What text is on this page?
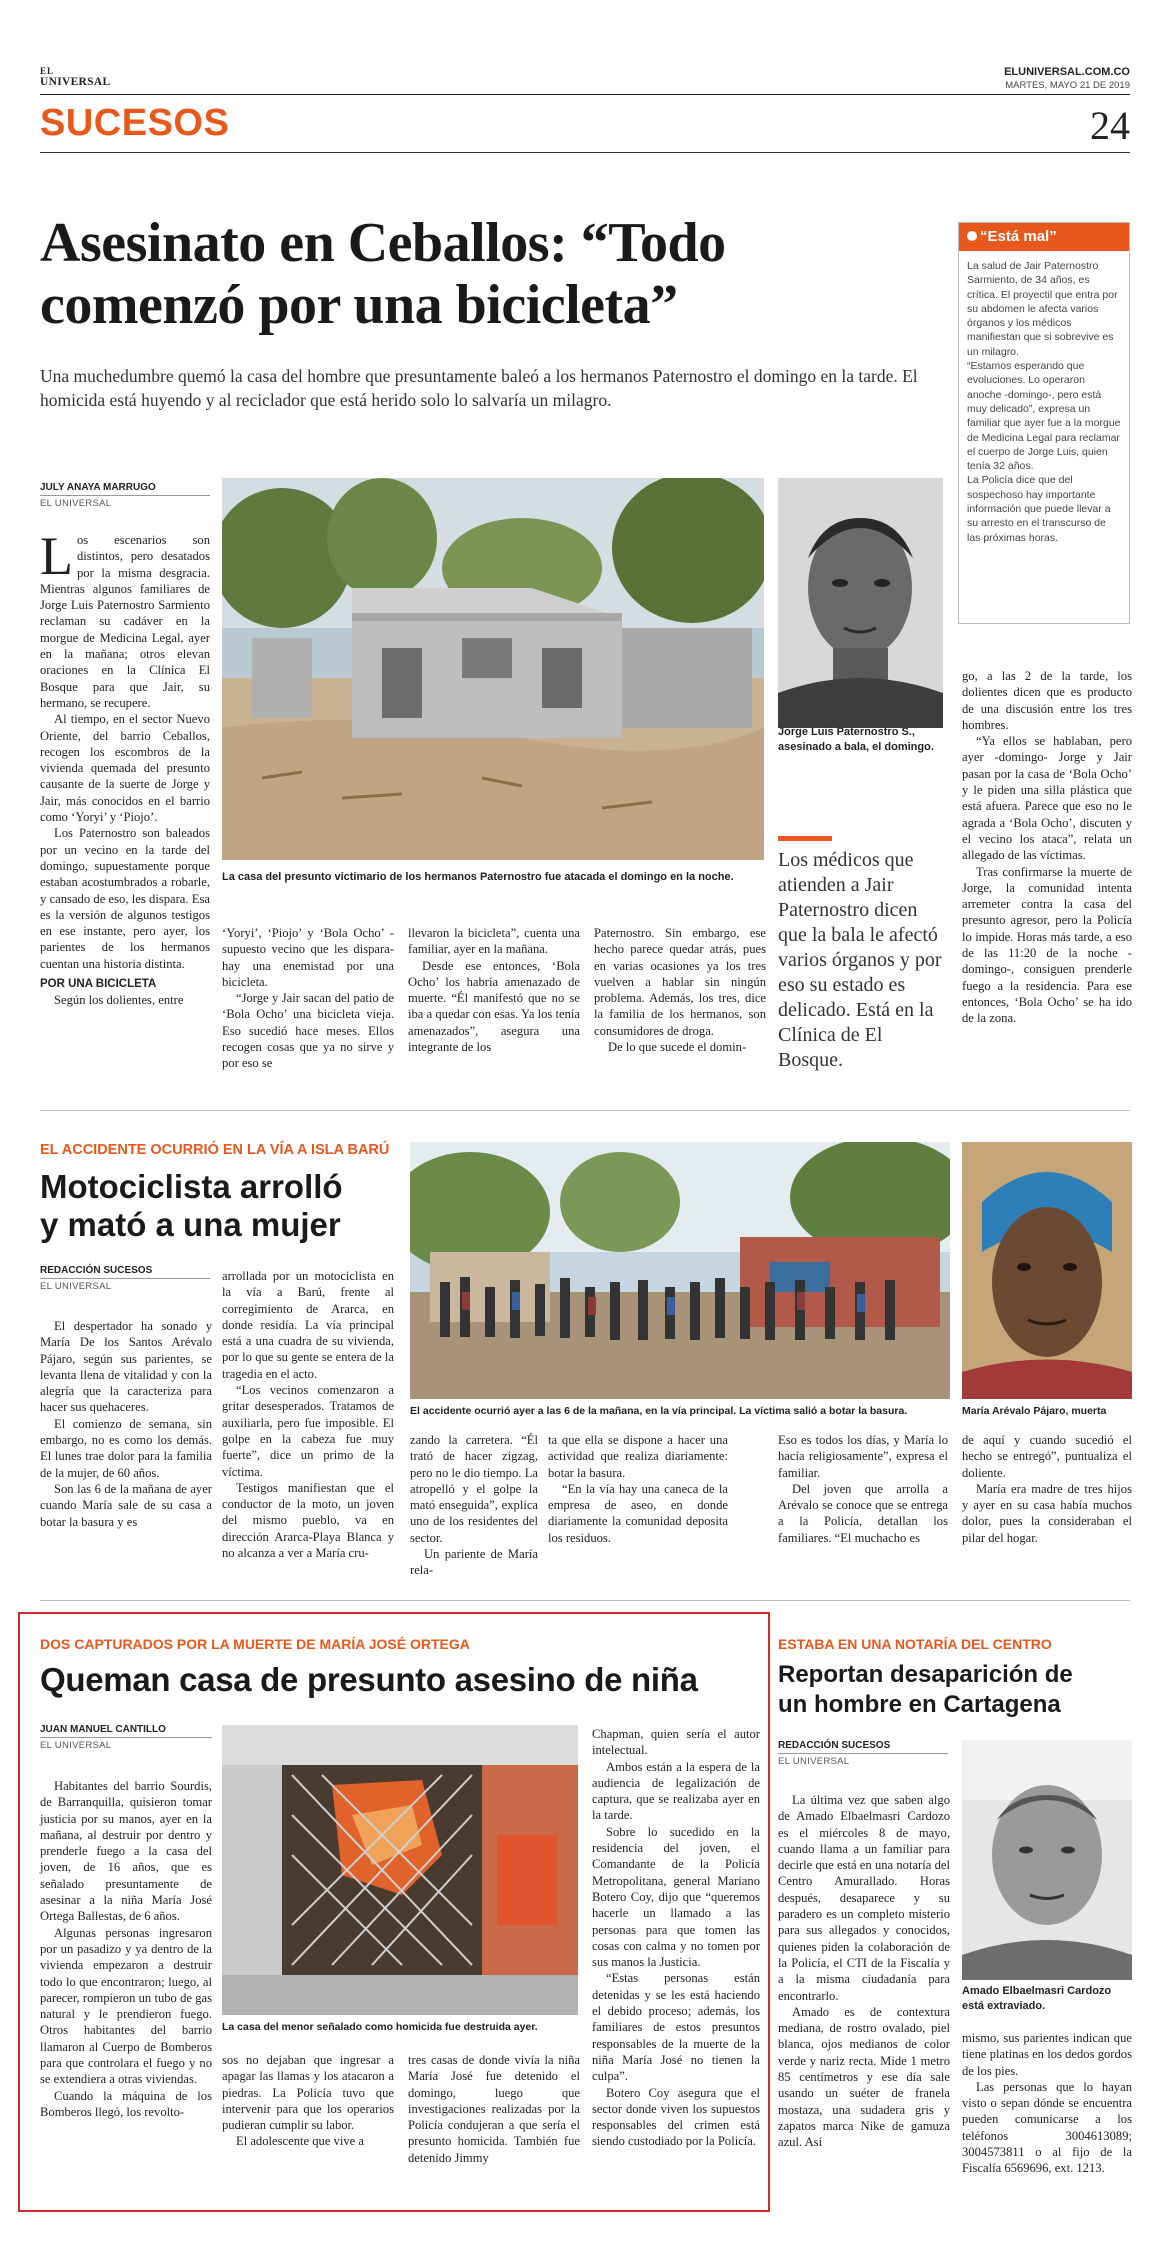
EL
UNIVERSAL
ELUNIVERSAL.COM.CO
MARTES, MAYO 21 DE 2019
SUCESOS	24
Asesinato en Ceballos: “Todo
comenzó por una bicicleta”
Una muchedumbre quemó la casa del hombre que presuntamente baleó a los hermanos Paternostro el domingo en la tarde. El homicida está huyendo y al reciclador que está herido solo lo salvaría un milagro.
“Está mal”

La salud de Jair Paternostro Sarmiento, de 34 años, es crítica. El proyectil que entra por su abdomen le afecta varios órganos y los médicos manifiestan que si sobrevive es un milagro.

“Estamos esperando que evoluciones. Lo operaron anoche -domingo-, pero está muy delicado”, expresa un familiar que ayer fue a la morgue de Medicina Legal para reclamar el cuerpo de Jorge Luis, quien tenía 32 años.

La Policía dice que del sospechoso hay importante información que puede llevar a su arresto en el transcurso de las próximas horas.

JULY ANAYA MARRUGO
EL UNIVERSAL

Los escenarios son distintos, pero desatados por la misma desgracia. Mientras algunos familiares de Jorge Luis Paternostro Sarmiento reclaman su cadáver en la morgue de Medicina Legal, ayer en la mañana; otros elevan oraciones en la Clínica El Bosque para que Jair, su hermano, se recupere.

Al tiempo, en el sector Nuevo Oriente, del barrio Ceballos, recogen los escombros de la vivienda quemada del presunto causante de la suerte de Jorge y Jair, más conocidos en el barrio como ‘Yoryi’ y ‘Piojo’.

Los Paternostro son baleados por un vecino en la tarde del domingo, supuestamente porque estaban acostumbrados a robarle, y cansado de eso, les dispara. Esa es la versión de algunos testigos en ese instante, pero ayer, los parientes de los hermanos cuentan una historia distinta.

POR UNA BICICLETA

Según los dolientes, entre

La casa del presunto victimario de los hermanos Paternostro fue atacada el domingo en la noche.
Jorge Luis Paternostro S., asesinado a bala, el domingo.

‘Yoryi’, ‘Piojo’ y ‘Bola Ocho’ -supuesto vecino que les dispara- hay una enemistad por una bicicleta.

“Jorge y Jair sacan del patio de ‘Bola Ocho’ una bicicleta vieja. Eso sucedió hace meses. Ellos recogen cosas que ya no sirve y por eso se

llevaron la bicicleta”, cuenta una familiar, ayer en la mañana.

Desde ese entonces, ‘Bola Ocho’ los habría amenazado de muerte. “Él manifestó que no se iba a quedar con esas. Ya los tenía amenazados”, asegura una integrante de los

Paternostro. Sin embargo, ese hecho parece quedar atrás, pues en varias ocasiones ya los tres vuelven a hablar sin ningún problema. Además, los tres, dice la familia de los hermanos, son consumidores de droga.

De lo que sucede el domin-

Los médicos que atienden a Jair Paternostro dicen que la bala le afectó varios órganos y por eso su estado es delicado. Está en la Clínica de El Bosque.

go, a las 2 de la tarde, los dolientes dicen que es producto de una discusión entre los tres hombres.

“Ya ellos se hablaban, pero ayer -domingo- Jorge y Jair pasan por la casa de ‘Bola Ocho’ y le piden una silla plástica que está afuera. Parece que eso no le agrada a ‘Bola Ocho’, discuten y el vecino los ataca”, relata un allegado de las víctimas.

Tras confirmarse la muerte de Jorge, la comunidad intenta arremeter contra la casa del presunto agresor, pero la Policía lo impide. Horas más tarde, a eso de las 11:20 de la noche -domingo-, consiguen prenderle fuego a la residencia. Para ese entonces, ‘Bola Ocho’ se ha ido de la zona.

EL ACCIDENTE OCURRIÓ EN LA VÍA A ISLA BARÚ
Motociclista arrolló
y mató a una mujer
REDACCIÓN SUCESOS
EL UNIVERSAL

El despertador ha sonado y María De los Santos Arévalo Pájaro, según sus parientes, se levanta llena de vitalidad y con la alegría que la caracteriza para hacer sus quehaceres.

El comienzo de semana, sin embargo, no es como los demás. El lunes trae dolor para la familia de la mujer, de 60 años.

Son las 6 de la mañana de ayer cuando María sale de su casa a botar la basura y es

arrollada por un motociclista en la vía a Barú, frente al corregimiento de Ararca, en donde residía. La vía principal está a una cuadra de su vivienda, por lo que su gente se entera de la tragedia en el acto.

“Los vecinos comenzaron a gritar desesperados. Tratamos de auxiliarla, pero fue imposible. El golpe en la cabeza fue muy fuerte”, dice un primo de la víctima.

Testigos manifiestan que el conductor de la moto, un joven del mismo pueblo, va en dirección Ararca-Playa Blanca y no alcanza a ver a María cru-

El accidente ocurrió ayer a las 6 de la mañana, en la vía principal. La víctima salió a botar la basura.	María Arévalo Pájaro, muerta

zando la carretera. “Él trató de hacer zigzag, pero no le dio tiempo. La atropelló y el golpe la mató enseguida”, explica uno de los residentes del sector.

Un pariente de María rela-

ta que ella se dispone a hacer una actividad que realiza diariamente: botar la basura.

“En la vía hay una caneca de la empresa de aseo, en donde diariamente la comunidad deposita los residuos.

Eso es todos los días, y María lo hacía religiosamente”, expresa el familiar.

Del joven que arrolla a Arévalo se conoce que se entrega a la Policía, detallan los familiares. “El muchacho es

de aquí y cuando sucedió el hecho se entregó”, puntualiza el doliente.

María era madre de tres hijos y ayer en su casa había muchos dolor, pues la consideraban el pilar del hogar.

DOS CAPTURADOS POR LA MUERTE DE MARÍA JOSÉ ORTEGA
Queman casa de presunto asesino de niña
JUAN MANUEL CANTILLO
EL UNIVERSAL

Habitantes del barrio Sourdis, de Barranquilla, quisieron tomar justicia por su manos, ayer en la mañana, al destruir por dentro y prenderle fuego a la casa del joven, de 16 años, que es señalado presuntamente de asesinar a la niña María José Ortega Ballestas, de 6 años.

Algunas personas ingresaron por un pasadizo y ya dentro de la vivienda empezaron a destruir todo lo que encontraron; luego, al parecer, rompieron un tubo de gas natural y le prendieron fuego. Otros habitantes del barrio llamaron al Cuerpo de Bomberos para que controlara el fuego y no se extendiera a otras viviendas.

Cuando la máquina de los Bomberos llegó, los revolto-

La casa del menor señalado como homicida fue destruida ayer.

sos no dejaban que ingresar a apagar las llamas y los atacaron a piedras. La Policía tuvo que intervenir para que los operarios pudieran cumplir su labor.

El adolescente que vive a

tres casas de donde vivía la niña María José fue detenido el domingo, luego que investigaciones realizadas por la Policía condujeran a que sería el presunto homicida. También fue detenido Jimmy

Chapman, quien sería el autor intelectual.

Ambos están a la espera de la audiencia de legalización de captura, que se realizaba ayer en la tarde.

Sobre lo sucedido en la residencia del joven, el Comandante de la Policía Metropolitana, general Mariano Botero Coy, dijo que “queremos hacerle un llamado a las personas para que tomen las cosas con calma y no tomen por sus manos la Justicia.

“Estas personas están detenidas y se les está haciendo el debido proceso; además, los familiares de estos presuntos responsables de la muerte de la niña María José no tienen la culpa”.

Botero Coy asegura que el sector donde viven los supuestos responsables del crimen está siendo custodiado por la Policía.

ESTABA EN UNA NOTARÍA DEL CENTRO
Reportan desaparición de
un hombre en Cartagena
REDACCIÓN SUCESOS
EL UNIVERSAL

La última vez que saben algo de Amado Elbaelmasri Cardozo es el miércoles 8 de mayo, cuando llama a un familiar para decirle que está en una notaría del Centro Amurallado. Horas después, desaparece y su paradero es un completo misterio para sus allegados y conocidos, quienes piden la colaboración de la Policía, el CTI de la Fiscalía y a la misma ciudadanía para encontrarlo.

Amado es de contextura mediana, de rostro ovalado, piel blanca, ojos medianos de color verde y nariz recta. Mide 1 metro 85 centímetros y ese día sale usando un suéter de franela mostaza, una sudadera gris y zapatos marca Nike de gamuza azul. Así

Amado Elbaelmasri Cardozo está extraviado.

mismo, sus parientes indican que tiene platinas en los dedos gordos de los pies.

Las personas que lo hayan visto o sepan dónde se encuentra pueden comunicarse a los teléfonos 3004613089; 3004573811 o al fijo de la Fiscalía 6569696, ext. 1213.
